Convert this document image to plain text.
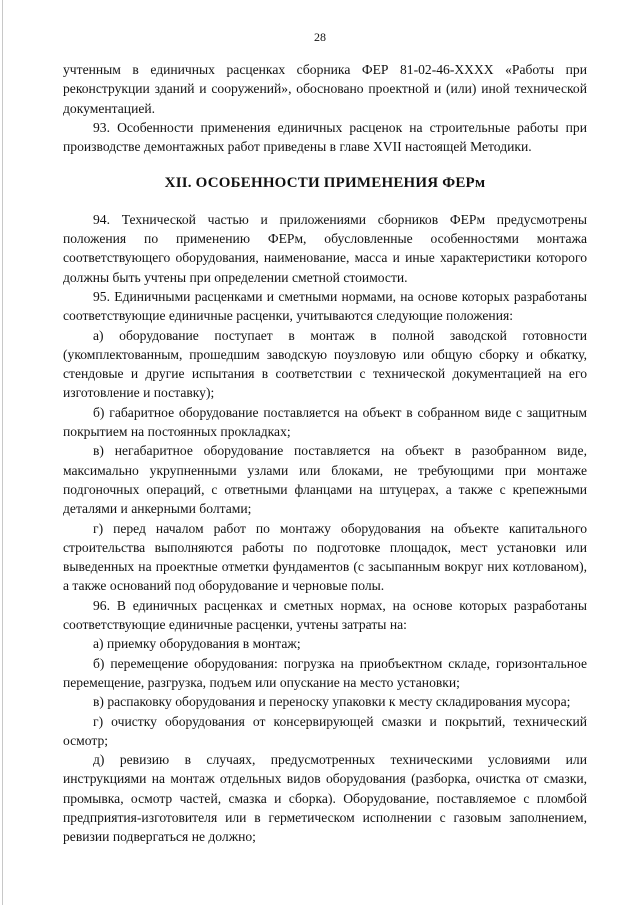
28

учтенным в единичных расценках сборника ФЕР 81-02-46-XXXX «Работы при реконструкции зданий и сооружений», обосновано проектной и (или) иной технической документацией.

93. Особенности применения единичных расценок на строительные работы при производстве демонтажных работ приведены в главе XVII настоящей Методики.

XII. ОСОБЕННОСТИ ПРИМЕНЕНИЯ ФЕРм

94. Технической частью и приложениями сборников ФЕРм предусмотрены положения по применению ФЕРм, обусловленные особенностями монтажа соответствующего оборудования, наименование, масса и иные характеристики которого должны быть учтены при определении сметной стоимости.

95. Единичными расценками и сметными нормами, на основе которых разработаны соответствующие единичные расценки, учитываются следующие положения:

а) оборудование поступает в монтаж в полной заводской готовности (укомплектованным, прошедшим заводскую поузловую или общую сборку и обкатку, стендовые и другие испытания в соответствии с технической документацией на его изготовление и поставку);

б) габаритное оборудование поставляется на объект в собранном виде с защитным покрытием на постоянных прокладках;

в) негабаритное оборудование поставляется на объект в разобранном виде, максимально укрупненными узлами или блоками, не требующими при монтаже подгоночных операций, с ответными фланцами на штуцерах, а также с крепежными деталями и анкерными болтами;

г) перед началом работ по монтажу оборудования на объекте капитального строительства выполняются работы по подготовке площадок, мест установки или выведенных на проектные отметки фундаментов (с засыпанным вокруг них котлованом), а также оснований под оборудование и черновые полы.

96. В единичных расценках и сметных нормах, на основе которых разработаны соответствующие единичные расценки, учтены затраты на:

а) приемку оборудования в монтаж;

б) перемещение оборудования: погрузка на приобъектном складе, горизонтальное перемещение, разгрузка, подъем или опускание на место установки;

в) распаковку оборудования и переноску упаковки к месту складирования мусора;

г) очистку оборудования от консервирующей смазки и покрытий, технический осмотр;

д) ревизию в случаях, предусмотренных техническими условиями или инструкциями на монтаж отдельных видов оборудования (разборка, очистка от смазки, промывка, осмотр частей, смазка и сборка). Оборудование, поставляемое с пломбой предприятия-изготовителя или в герметическом исполнении с газовым заполнением, ревизии подвергаться не должно;
